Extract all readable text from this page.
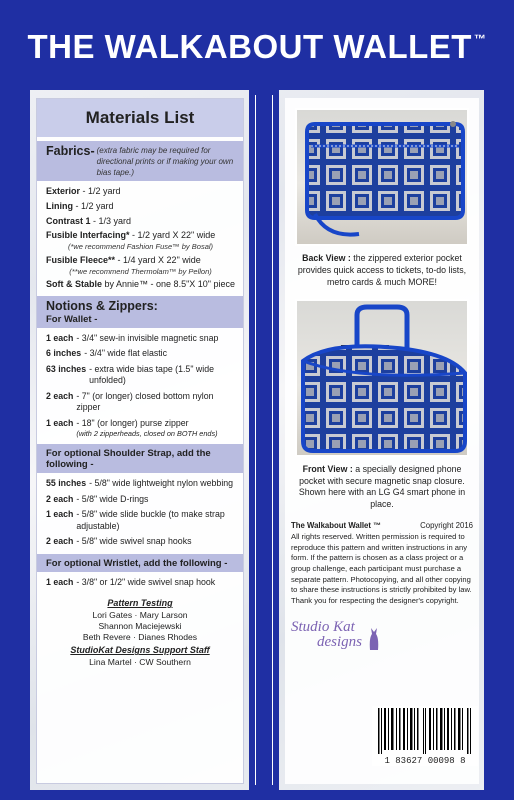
THE WALKABOUT WALLET ™
Materials List
Fabrics- (extra fabric may be required for directional prints or if making your own bias tape.)
Exterior - 1/2 yard
Lining - 1/2 yard
Contrast 1 - 1/3 yard
Fusible Interfacing* - 1/2 yard X 22" wide
(*we recommend Fashion Fuse™ by Bosal)
Fusible Fleece** - 1/4 yard X 22" wide
(**we recommend Thermolam™ by Pellon)
Soft & Stable by Annie™ - one 8.5"X 10" piece
Notions & Zippers:
For Wallet -
1 each - 3/4" sew-in invisible magnetic snap
6 inches - 3/4" wide flat elastic
63 inches - extra wide bias tape (1.5" wide unfolded)
2 each - 7" (or longer) closed bottom nylon zipper
1 each - 18" (or longer) purse zipper
(with 2 zipperheads, closed on BOTH ends)
For optional Shoulder Strap, add the following -
55 inches - 5/8" wide lightweight nylon webbing
2 each - 5/8" wide D-rings
1 each - 5/8" wide slide buckle (to make strap adjustable)
2 each - 5/8" wide swivel snap hooks
For optional Wristlet, add the following -
1 each - 3/8" or 1/2" wide swivel snap hook
Pattern Testing
Lori Gates · Mary Larson
Shannon Maciejewski
Beth Revere · Dianes Rhodes
StudioKat Designs Support Staff
Lina Martel · CW Southern
Back View : the zippered exterior pocket provides quick access to tickets, to-do lists, metro cards & much MORE!
Front View : a specially designed phone pocket with secure magnetic snap closure. Shown here with an LG G4 smart phone in place.
The Walkabout Wallet ™	Copyright 2016
All rights reserved. Written permission is required to reproduce this pattern and written instructions in any form. If the pattern is chosen as a class project or a group challenge, each participant must purchase a separate pattern. Photocopying, and all other copying to share these instructions is strictly prohibited by law. Thank you for respecting the designer's copyright.
Studio Kat
designs
1 83627 00098 8
